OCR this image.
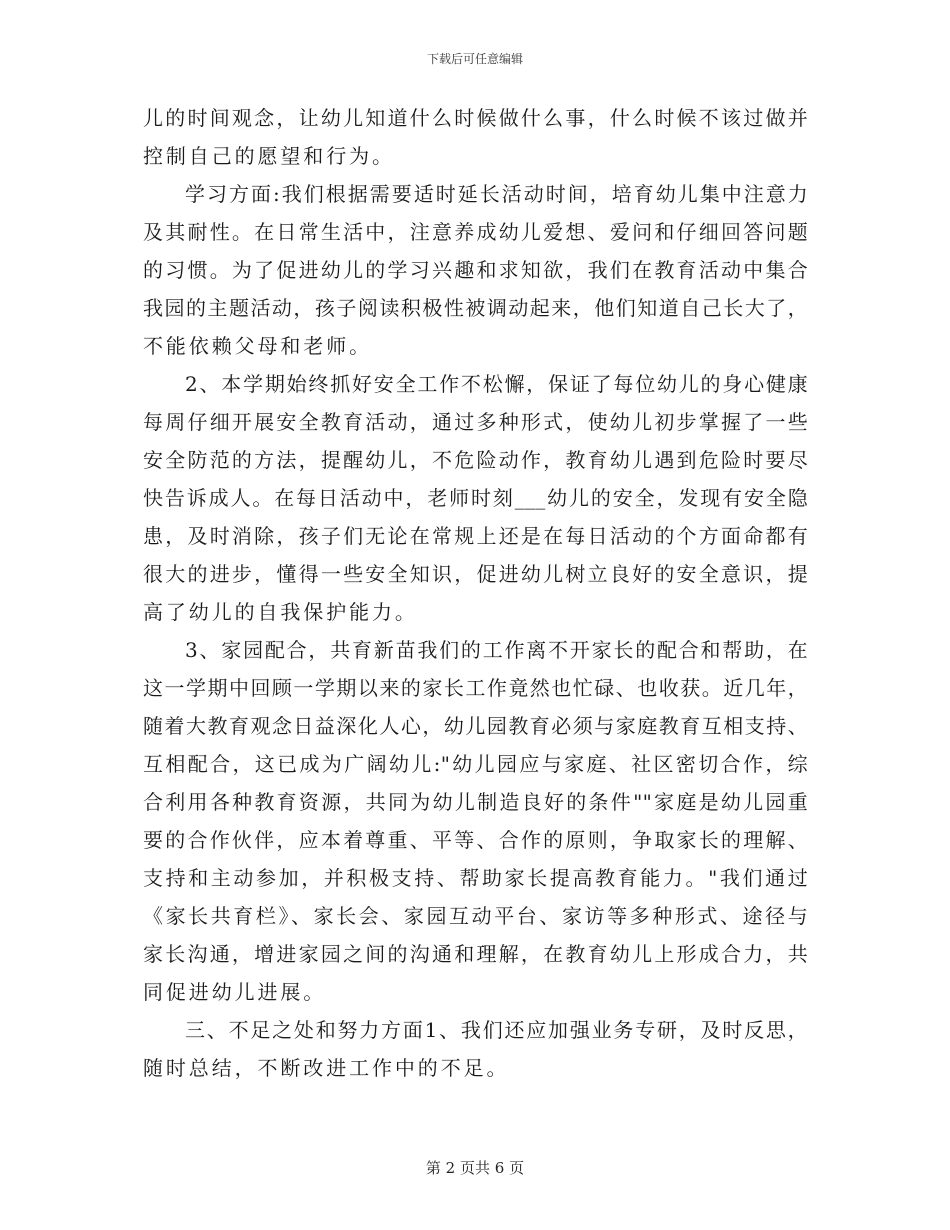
下载后可任意编辑
儿的时间观念，让幼儿知道什么时候做什么事，什么时候不该过做并
控制自己的愿望和行为。
学习方面:我们根据需要适时延长活动时间，培育幼儿集中注意力
及其耐性。在日常生活中，注意养成幼儿爱想、爱问和仔细回答问题
的习惯。为了促进幼儿的学习兴趣和求知欲，我们在教育活动中集合
我园的主题活动，孩子阅读积极性被调动起来，他们知道自己长大了，
不能依赖父母和老师。
2、本学期始终抓好安全工作不松懈，保证了每位幼儿的身心健康
每周仔细开展安全教育活动，通过多种形式，使幼儿初步掌握了一些
安全防范的方法，提醒幼儿，不危险动作，教育幼儿遇到危险时要尽
快告诉成人。在每日活动中，老师时刻___幼儿的安全，发现有安全隐
患，及时消除，孩子们无论在常规上还是在每日活动的个方面命都有
很大的进步，懂得一些安全知识，促进幼儿树立良好的安全意识，提
高了幼儿的自我保护能力。
3、家园配合，共育新苗我们的工作离不开家长的配合和帮助，在
这一学期中回顾一学期以来的家长工作竟然也忙碌、也收获。近几年，
随着大教育观念日益深化人心，幼儿园教育必须与家庭教育互相支持、
互相配合，这已成为广阔幼儿:"幼儿园应与家庭、社区密切合作，综
合利用各种教育资源，共同为幼儿制造良好的条件""家庭是幼儿园重
要的合作伙伴，应本着尊重、平等、合作的原则，争取家长的理解、
支持和主动参加，并积极支持、帮助家长提高教育能力。"我们通过
《家长共育栏》、家长会、家园互动平台、家访等多种形式、途径与
家长沟通，增进家园之间的沟通和理解，在教育幼儿上形成合力，共
同促进幼儿进展。
三、不足之处和努力方面1、我们还应加强业务专研，及时反思，
随时总结，不断改进工作中的不足。
第 2 页共 6 页
